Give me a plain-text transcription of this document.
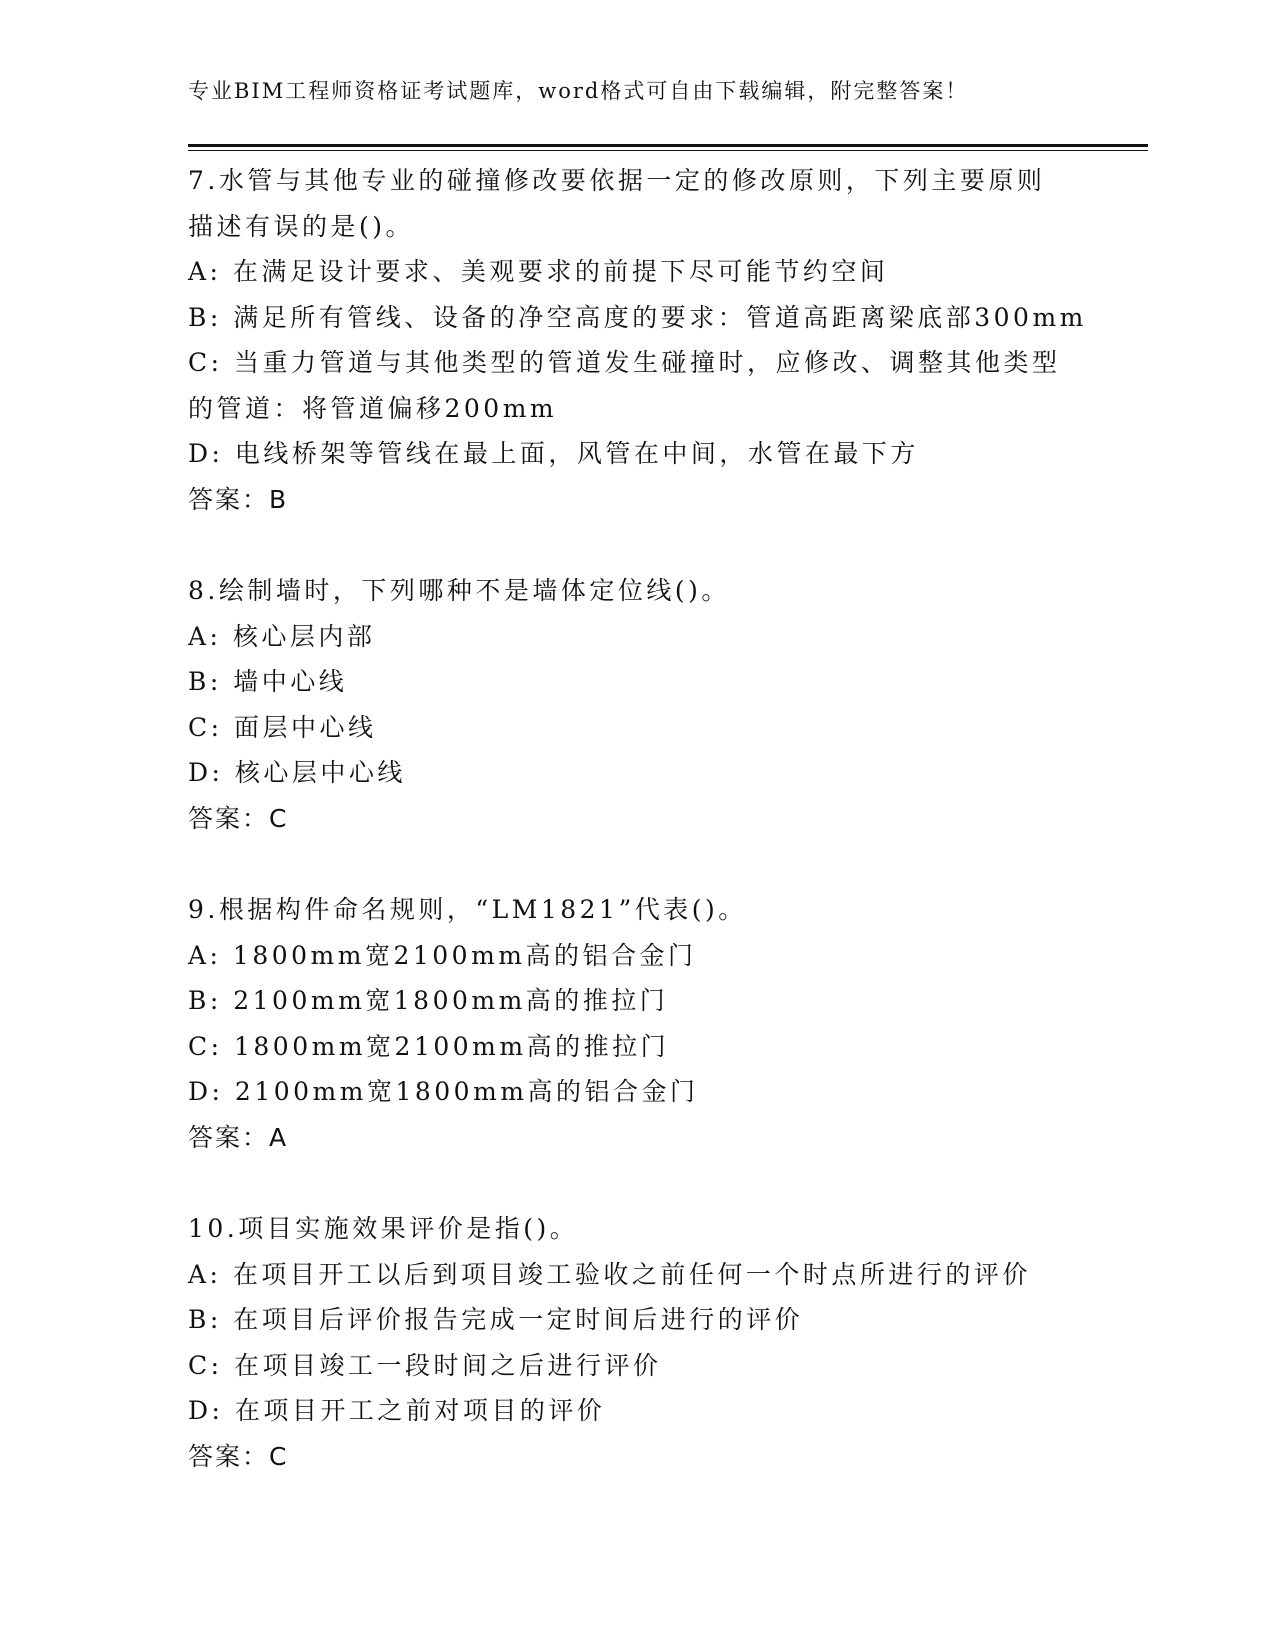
专业BIM工程师资格证考试题库，word格式可自由下载编辑，附完整答案！
7.水管与其他专业的碰撞修改要依据一定的修改原则，下列主要原则
描述有误的是()。
A: 在满足设计要求、美观要求的前提下尽可能节约空间
B: 满足所有管线、设备的净空高度的要求：管道高距离梁底部300mm
C: 当重力管道与其他类型的管道发生碰撞时，应修改、调整其他类型
的管道：将管道偏移200mm
D: 电线桥架等管线在最上面，风管在中间，水管在最下方
答案：B
8.绘制墙时，下列哪种不是墙体定位线()。
A: 核心层内部
B: 墙中心线
C: 面层中心线
D: 核心层中心线
答案：C
9.根据构件命名规则，“LM1821”代表()。
A: 1800mm宽2100mm高的铝合金门
B: 2100mm宽1800mm高的推拉门
C: 1800mm宽2100mm高的推拉门
D: 2100mm宽1800mm高的铝合金门
答案：A
10.项目实施效果评价是指()。
A: 在项目开工以后到项目竣工验收之前任何一个时点所进行的评价
B: 在项目后评价报告完成一定时间后进行的评价
C: 在项目竣工一段时间之后进行评价
D: 在项目开工之前对项目的评价
答案：C
